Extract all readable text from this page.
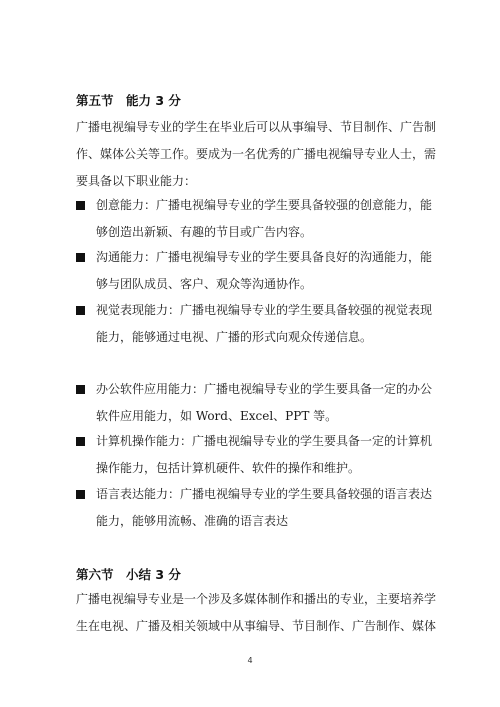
第五节　能力 3 分
广播电视编导专业的学生在毕业后可以从事编导、节目制作、广告制
作、媒体公关等工作。要成为一名优秀的广播电视编导专业人士，需
要具备以下职业能力：
创意能力：广播电视编导专业的学生要具备较强的创意能力，能
够创造出新颖、有趣的节目或广告内容。
沟通能力：广播电视编导专业的学生要具备良好的沟通能力，能
够与团队成员、客户、观众等沟通协作。
视觉表现能力：广播电视编导专业的学生要具备较强的视觉表现
能力，能够通过电视、广播的形式向观众传递信息。
办公软件应用能力：广播电视编导专业的学生要具备一定的办公
软件应用能力，如 Word、Excel、PPT 等。
计算机操作能力：广播电视编导专业的学生要具备一定的计算机
操作能力，包括计算机硬件、软件的操作和维护。
语言表达能力：广播电视编导专业的学生要具备较强的语言表达
能力，能够用流畅、准确的语言表达
第六节　小结 3 分
广播电视编导专业是一个涉及多媒体制作和播出的专业，主要培养学
生在电视、广播及相关领域中从事编导、节目制作、广告制作、媒体
4
